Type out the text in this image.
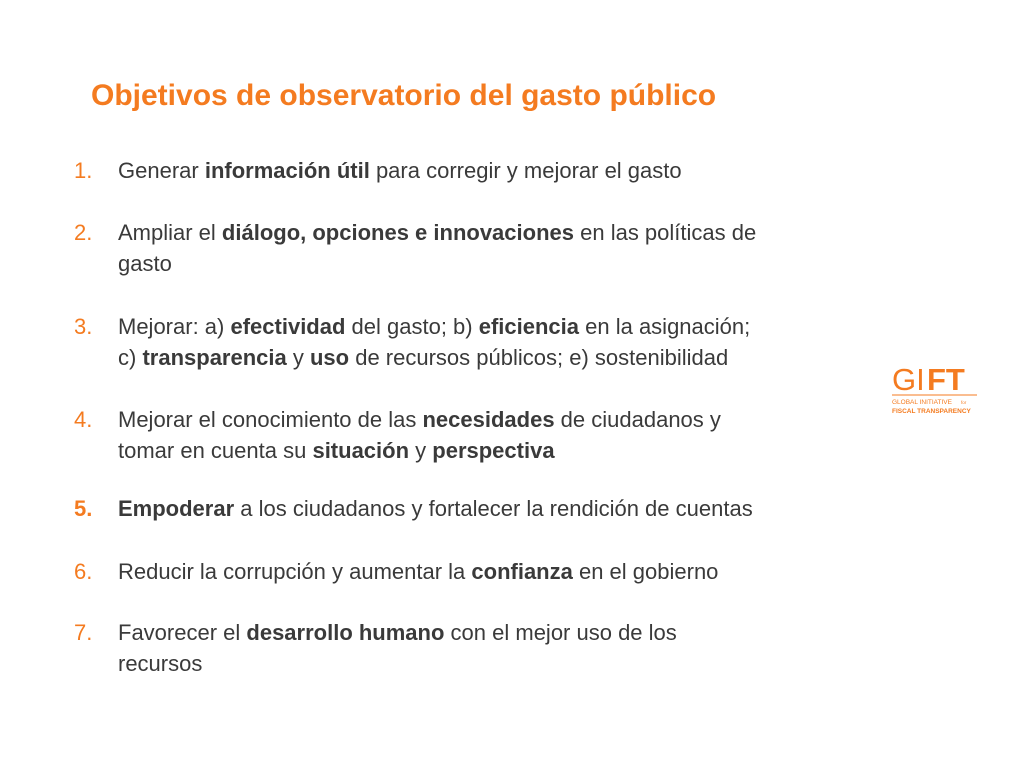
Objetivos de observatorio del gasto público
1. Generar información útil para corregir y mejorar el gasto
2. Ampliar el diálogo, opciones e innovaciones en las políticas de
gasto
3. Mejorar: a) efectividad del gasto; b) eficiencia en la asignación;
c) transparencia y uso de recursos públicos; e) sostenibilidad
4. Mejorar el conocimiento de las necesidades de ciudadanos y
tomar en cuenta su situación y perspectiva
5. Empoderar a los ciudadanos y fortalecer la rendición de cuentas
6. Reducir la corrupción y aumentar la confianza en el gobierno
7. Favorecer el desarrollo humano con el mejor uso de los
recursos
GI FT
GLOBAL INITIATIVE for
FISCAL TRANSPARENCY
